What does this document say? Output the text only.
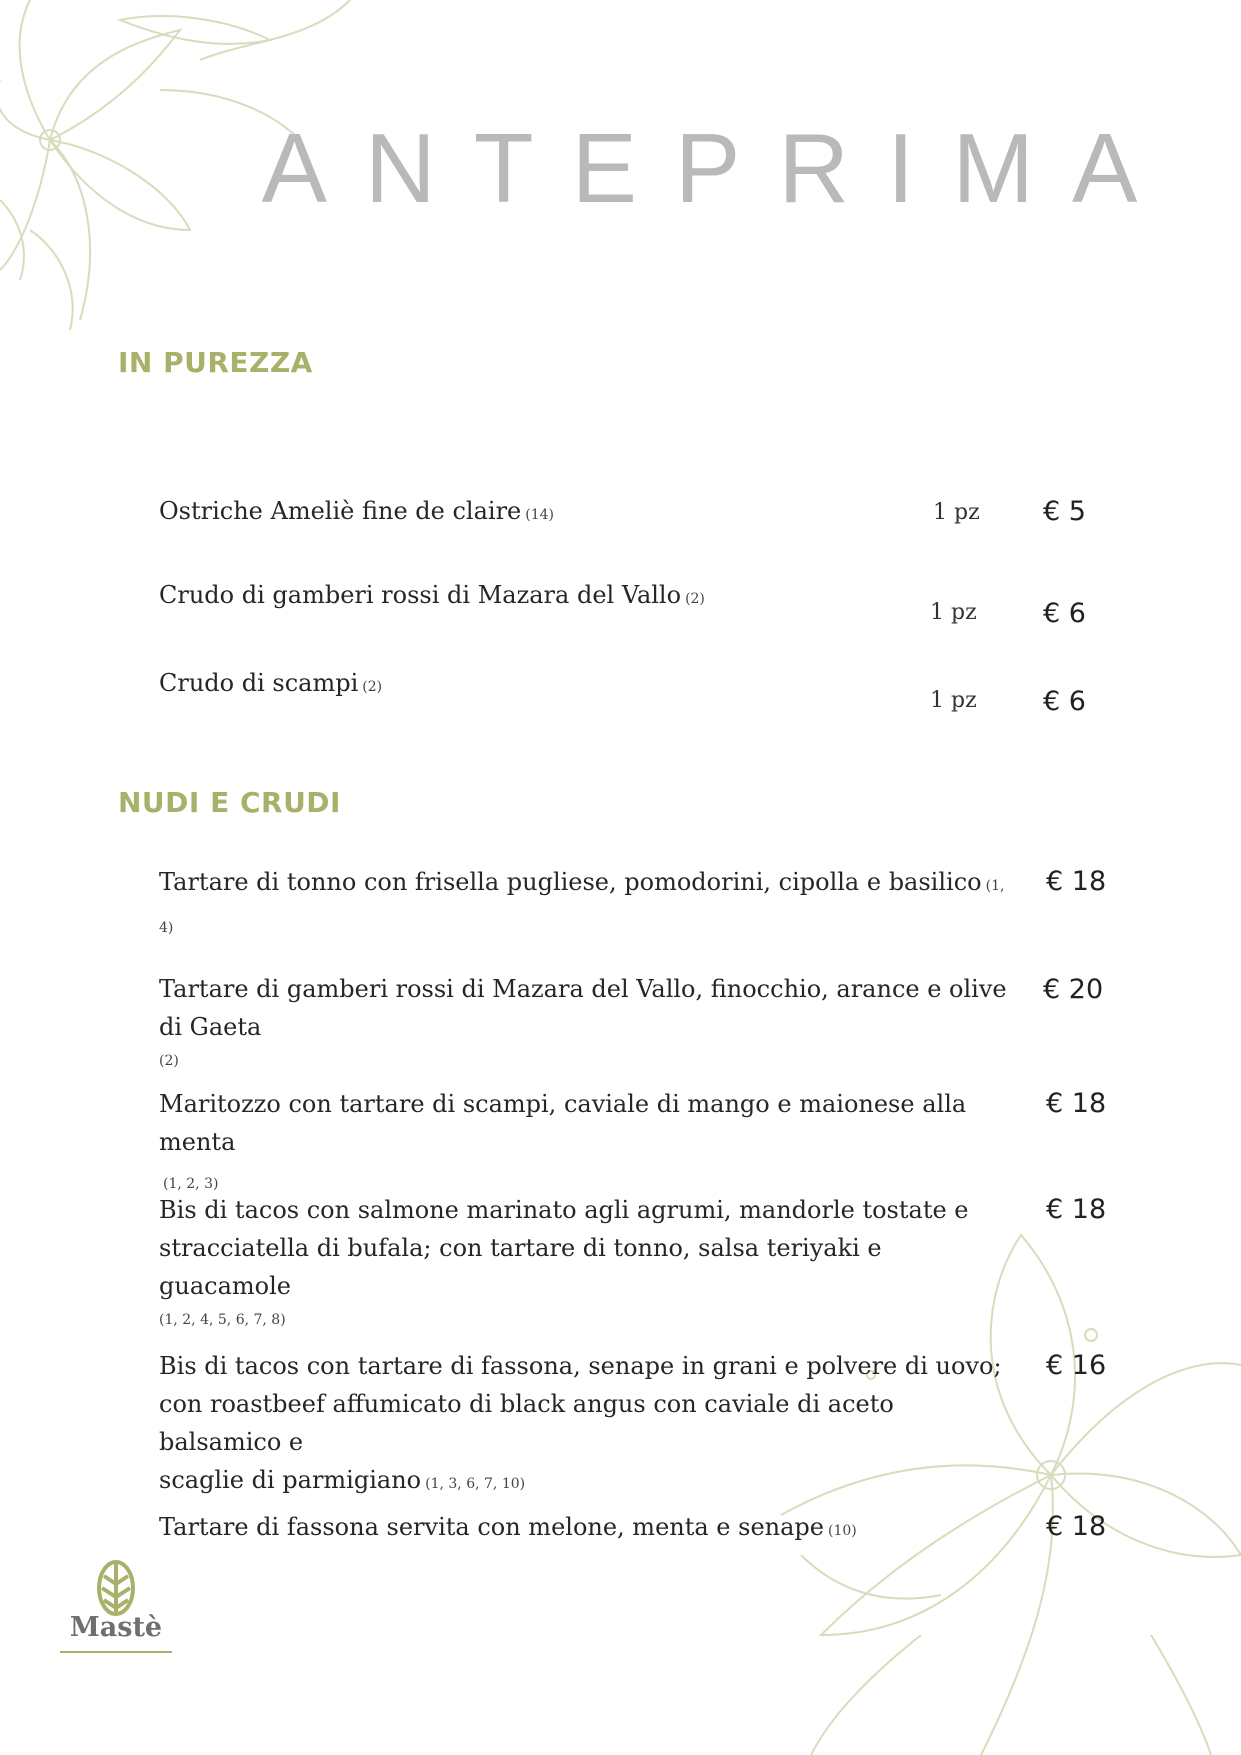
ANTEPRIMA
IN PUREZZA
Ostriche Ameliè fine de claire (14)	1 pz € 5
Crudo di gamberi rossi di Mazara del Vallo (2)
1 pz € 6
Crudo di scampi (2)
1 pz € 6
NUDI E CRUDI
Tartare di tonno con frisella pugliese, pomodorini, cipolla e basilico (1, 4)
€ 18
Tartare di gamberi rossi di Mazara del Vallo, finocchio, arance e olive di Gaeta
(2)
€ 20
Maritozzo con tartare di scampi, caviale di mango e maionese alla menta(1, 2, 3)
€ 18
Bis di tacos con salmone marinato agli agrumi, mandorle tostate e
stracciatella di bufala; con tartare di tonno, salsa teriyaki e guacamole
(1, 2, 4, 5, 6, 7, 8)
€ 18
Bis di tacos con tartare di fassona, senape in grani e polvere di uovo;
con roastbeef affumicato di black angus con caviale di aceto balsamico e
scaglie di parmigiano (1, 3, 6, 7, 10)
€ 16
Tartare di fassona servita con melone, menta e senape (10)	€ 18
Mastè
